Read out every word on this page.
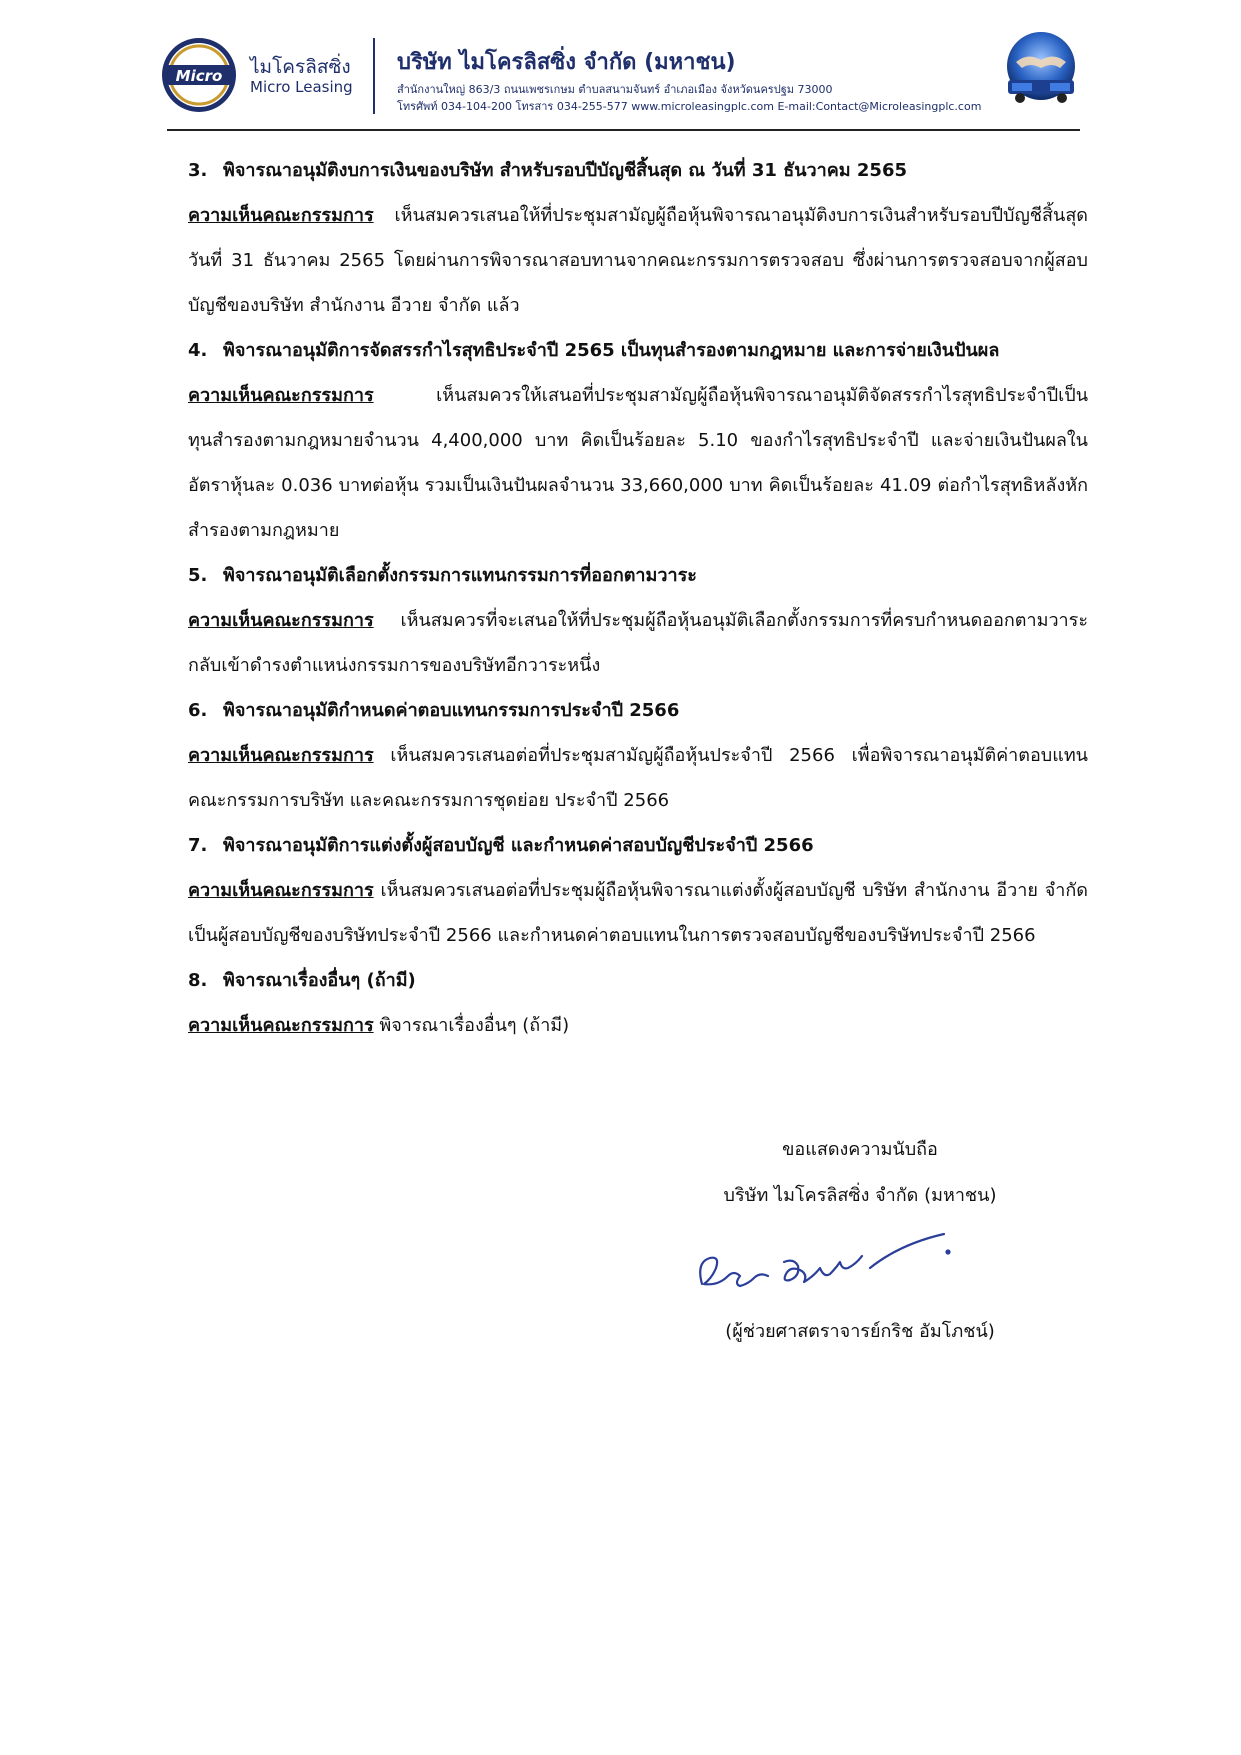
Micro ไมโครลิสซิ่ง
Micro Leasing
บริษัท ไมโครลิสซิ่ง จำกัด (มหาชน)
สำนักงานใหญ่ 863/3 ถนนเพชรเกษม ตำบลสนามจันทร์ อำเภอเมือง จังหวัดนครปฐม 73000
โทรศัพท์ 034-104-200 โทรสาร 034-255-577 www.microleasingplc.com E-mail:Contact@Microleasingplc.com
3. พิจารณาอนุมัติงบการเงินของบริษัท สำหรับรอบปีบัญชีสิ้นสุด ณ วันที่ 31 ธันวาคม 2565

ความเห็นคณะกรรมการ เห็นสมควรเสนอให้ที่ประชุมสามัญผู้ถือหุ้นพิจารณาอนุมัติงบการเงินสำหรับรอบปีบัญชีสิ้นสุดวันที่ 31 ธันวาคม 2565 โดยผ่านการพิจารณาสอบทานจากคณะกรรมการตรวจสอบ ซึ่งผ่านการตรวจสอบจากผู้สอบบัญชีของบริษัท สำนักงาน อีวาย จำกัด แล้ว

4. พิจารณาอนุมัติการจัดสรรกำไรสุทธิประจำปี 2565 เป็นทุนสำรองตามกฎหมาย และการจ่ายเงินปันผล

ความเห็นคณะกรรมการ	เห็นสมควรให้เสนอที่ประชุมสามัญผู้ถือหุ้นพิจารณาอนุมัติจัดสรรกำไรสุทธิประจำปีเป็นทุนสำรองตามกฎหมายจำนวน 4,400,000 บาท คิดเป็นร้อยละ 5.10 ของกำไรสุทธิประจำปี และจ่ายเงินปันผลในอัตราหุ้นละ 0.036 บาทต่อหุ้น รวมเป็นเงินปันผลจำนวน 33,660,000 บาท คิดเป็นร้อยละ 41.09 ต่อกำไรสุทธิหลังหักสำรองตามกฎหมาย

5. พิจารณาอนุมัติเลือกตั้งกรรมการแทนกรรมการที่ออกตามวาระ

ความเห็นคณะกรรมการ เห็นสมควรที่จะเสนอให้ที่ประชุมผู้ถือหุ้นอนุมัติเลือกตั้งกรรมการที่ครบกำหนดออกตามวาระกลับเข้าดำรงตำแหน่งกรรมการของบริษัทอีกวาระหนึ่ง

6. พิจารณาอนุมัติกำหนดค่าตอบแทนกรรมการประจำปี 2566

ความเห็นคณะกรรมการ เห็นสมควรเสนอต่อที่ประชุมสามัญผู้ถือหุ้นประจำปี 2566 เพื่อพิจารณาอนุมัติค่าตอบแทนคณะกรรมการบริษัท และคณะกรรมการชุดย่อย ประจำปี 2566

7. พิจารณาอนุมัติการแต่งตั้งผู้สอบบัญชี และกำหนดค่าสอบบัญชีประจำปี 2566

ความเห็นคณะกรรมการ เห็นสมควรเสนอต่อที่ประชุมผู้ถือหุ้นพิจารณาแต่งตั้งผู้สอบบัญชี บริษัท สำนักงาน อีวาย จำกัด เป็นผู้สอบบัญชีของบริษัทประจำปี 2566 และกำหนดค่าตอบแทนในการตรวจสอบบัญชีของบริษัทประจำปี 2566

8. พิจารณาเรื่องอื่นๆ (ถ้ามี)

ความเห็นคณะกรรมการ พิจารณาเรื่องอื่นๆ (ถ้ามี)

ขอแสดงความนับถือ
บริษัท ไมโครลิสซิ่ง จำกัด (มหาชน)
(ผู้ช่วยศาสตราจารย์กริช อัมโภชน์)
